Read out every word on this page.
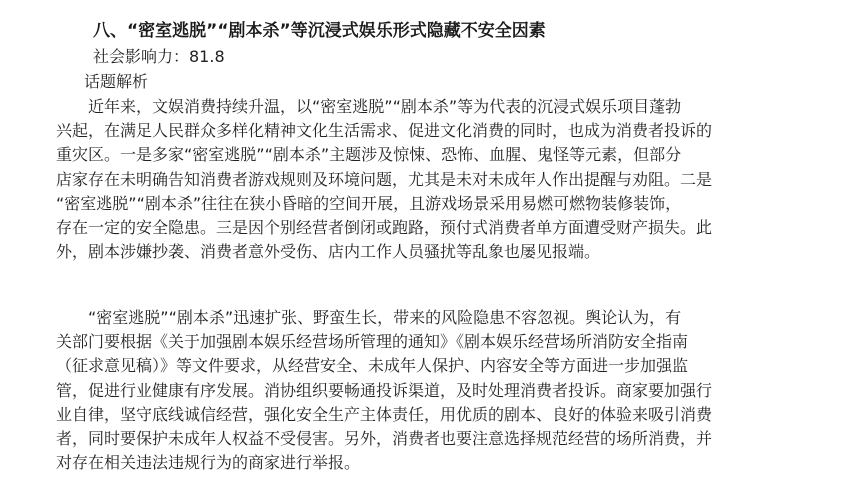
八、“密室逃脱”“剧本杀”等沉浸式娱乐形式隐藏不安全因素
社会影响力：81.8
话题解析
　　近年来，文娱消费持续升温，以“密室逃脱”“剧本杀”等为代表的沉浸式娱乐项目蓬勃
兴起，在满足人民群众多样化精神文化生活需求、促进文化消费的同时，也成为消费者投诉的
重灾区。一是多家“密室逃脱”“剧本杀”主题涉及惊悚、恐怖、血腥、鬼怪等元素，但部分
店家存在未明确告知消费者游戏规则及环境问题，尤其是未对未成年人作出提醒与劝阻。二是
“密室逃脱”“剧本杀”往往在狭小昏暗的空间开展，且游戏场景采用易燃可燃物装修装饰，
存在一定的安全隐患。三是因个别经营者倒闭或跑路，预付式消费者单方面遭受财产损失。此
外，剧本涉嫌抄袭、消费者意外受伤、店内工作人员骚扰等乱象也屡见报端。
　　“密室逃脱”“剧本杀”迅速扩张、野蛮生长，带来的风险隐患不容忽视。舆论认为，有
关部门要根据《关于加强剧本娱乐经营场所管理的通知》《剧本娱乐经营场所消防安全指南
（征求意见稿）》等文件要求，从经营安全、未成年人保护、内容安全等方面进一步加强监
管，促进行业健康有序发展。消协组织要畅通投诉渠道，及时处理消费者投诉。商家要加强行
业自律，坚守底线诚信经营，强化安全生产主体责任，用优质的剧本、良好的体验来吸引消费
者，同时要保护未成年人权益不受侵害。另外，消费者也要注意选择规范经营的场所消费，并
对存在相关违法违规行为的商家进行举报。
